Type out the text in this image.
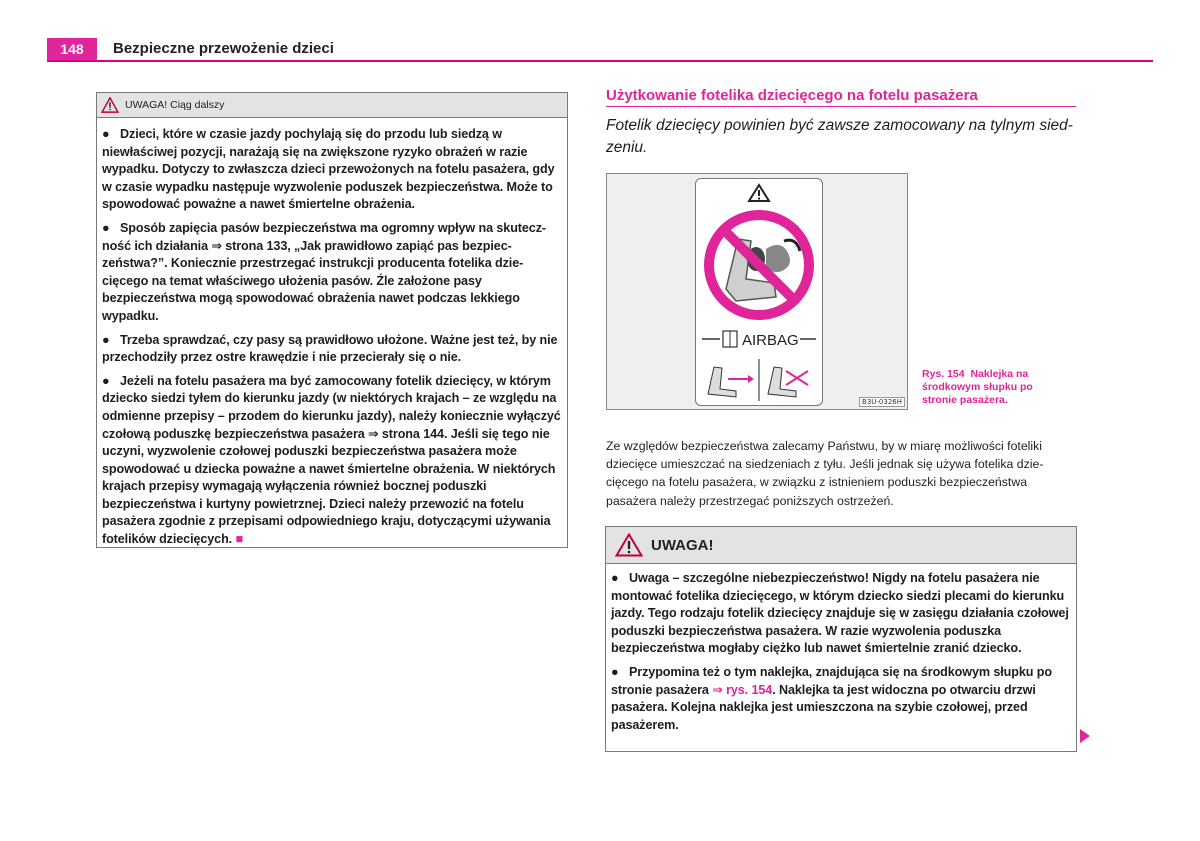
148	Bezpieczne przewożenie dzieci
UWAGA! Ciąg dalszy

● Dzieci, które w czasie jazdy pochylają się do przodu lub siedzą w niewłaściwej pozycji, narażają się na zwiększone ryzyko obrażeń w razie wypadku. Dotyczy to zwłaszcza dzieci przewożonych na fotelu pasażera, gdy w czasie wypadku następuje wyzwolenie poduszek bezpieczeństwa. Może to spowodować poważne a nawet śmiertelne obrażenia.

● Sposób zapięcia pasów bezpieczeństwa ma ogromny wpływ na skutecz-ność ich działania ⇒ strona 133, „Jak prawidłowo zapiąć pas bezpiec-zeństwa?”. Koniecznie przestrzegać instrukcji producenta fotelika dzie-cięcego na temat właściwego ułożenia pasów. Źle założone pasy bezpieczeństwa mogą spowodować obrażenia nawet podczas lekkiego wypadku.

● Trzeba sprawdzać, czy pasy są prawidłowo ułożone. Ważne jest też, by nie przechodziły przez ostre krawędzie i nie przecierały się o nie.

● Jeżeli na fotelu pasażera ma być zamocowany fotelik dziecięcy, w którym dziecko siedzi tyłem do kierunku jazdy (w niektórych krajach – ze względu na odmienne przepisy – przodem do kierunku jazdy), należy koniecznie wyłączyć czołową poduszkę bezpieczeństwa pasażera ⇒ strona 144. Jeśli się tego nie uczyni, wyzwolenie czołowej poduszki bezpieczeństwa pasażera może spowodować u dziecka poważne a nawet śmiertelne obrażenia. W niektórych krajach przepisy wymagają wyłączenia również bocznej poduszki bezpieczeństwa i kurtyny powietrznej. Dzieci należy przewozić na fotelu pasażera zgodnie z przepisami odpowiedniego kraju, dotyczącymi używania fotelików dziecięcych. ■

Użytkowanie fotelika dziecięcego na fotelu pasażera
Fotelik dziecięcy powinien być zawsze zamocowany na tylnym sied-zeniu.
AIRBAG
B3U-0326H
Rys. 154 Naklejka na środkowym słupku po stronie pasażera.
Ze względów bezpieczeństwa zalecamy Państwu, by w miarę możliwości foteliki dziecięce umieszczać na siedzeniach z tyłu. Jeśli jednak się używa fotelika dzie-cięcego na fotelu pasażera, w związku z istnieniem poduszki bezpieczeństwa pasażera należy przestrzegać poniższych ostrzeżeń.
UWAGA!

● Uwaga – szczególne niebezpieczeństwo! Nigdy na fotelu pasażera nie montować fotelika dziecięcego, w którym dziecko siedzi plecami do kierunku jazdy. Tego rodzaju fotelik dziecięcy znajduje się w zasięgu działania czołowej poduszki bezpieczeństwa pasażera. W razie wyzwolenia poduszka bezpieczeństwa mogłaby ciężko lub nawet śmiertelnie zranić dziecko.

● Przypomina też o tym naklejka, znajdująca się na środkowym słupku po stronie pasażera ⇒ rys. 154. Naklejka ta jest widoczna po otwarciu drzwi pasażera. Kolejna naklejka jest umieszczona na szybie czołowej, przed pasażerem.
